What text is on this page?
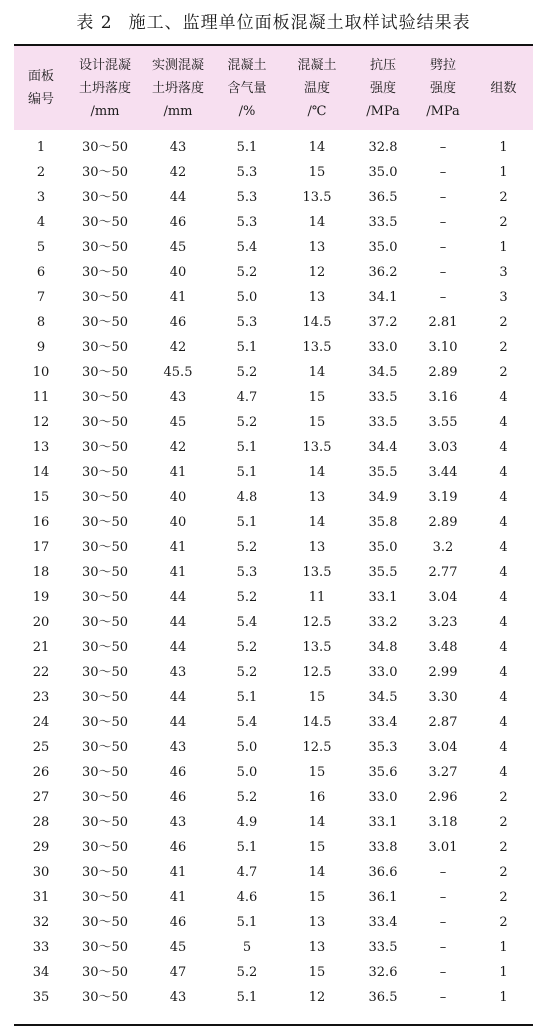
表 2 施工、监理单位面板混凝土取样试验结果表
面板
编号	设计混凝
土坍落度
/mm	实测混凝
土坍落度
/mm	混凝土
含气量
/%	混凝土
温度
/℃	抗压
强度
/MPa	劈拉
强度
/MPa	组数

1	30～50	43	5.1	14	32.8	–	1
2	30～50	42	5.3	15	35.0	–	1
3	30～50	44	5.3	13.5	36.5	–	2
4	30～50	46	5.3	14	33.5	–	2
5	30～50	45	5.4	13	35.0	–	1
6	30～50	40	5.2	12	36.2	–	3
7	30～50	41	5.0	13	34.1	–	3
8	30～50	46	5.3	14.5	37.2	2.81	2
9	30～50	42	5.1	13.5	33.0	3.10	2
10	30～50	45.5	5.2	14	34.5	2.89	2
11	30～50	43	4.7	15	33.5	3.16	4
12	30～50	45	5.2	15	33.5	3.55	4
13	30～50	42	5.1	13.5	34.4	3.03	4
14	30～50	41	5.1	14	35.5	3.44	4
15	30～50	40	4.8	13	34.9	3.19	4
16	30～50	40	5.1	14	35.8	2.89	4
17	30～50	41	5.2	13	35.0	3.2	4
18	30～50	41	5.3	13.5	35.5	2.77	4
19	30～50	44	5.2	11	33.1	3.04	4
20	30～50	44	5.4	12.5	33.2	3.23	4
21	30～50	44	5.2	13.5	34.8	3.48	4
22	30～50	43	5.2	12.5	33.0	2.99	4
23	30～50	44	5.1	15	34.5	3.30	4
24	30～50	44	5.4	14.5	33.4	2.87	4
25	30～50	43	5.0	12.5	35.3	3.04	4
26	30～50	46	5.0	15	35.6	3.27	4
27	30～50	46	5.2	16	33.0	2.96	2
28	30～50	43	4.9	14	33.1	3.18	2
29	30～50	46	5.1	15	33.8	3.01	2
30	30～50	41	4.7	14	36.6	–	2
31	30～50	41	4.6	15	36.1	–	2
32	30～50	46	5.1	13	33.4	–	2
33	30～50	45	5	13	33.5	–	1
34	30～50	47	5.2	15	32.6	–	1
35	30～50	43	5.1	12	36.5	–	1
